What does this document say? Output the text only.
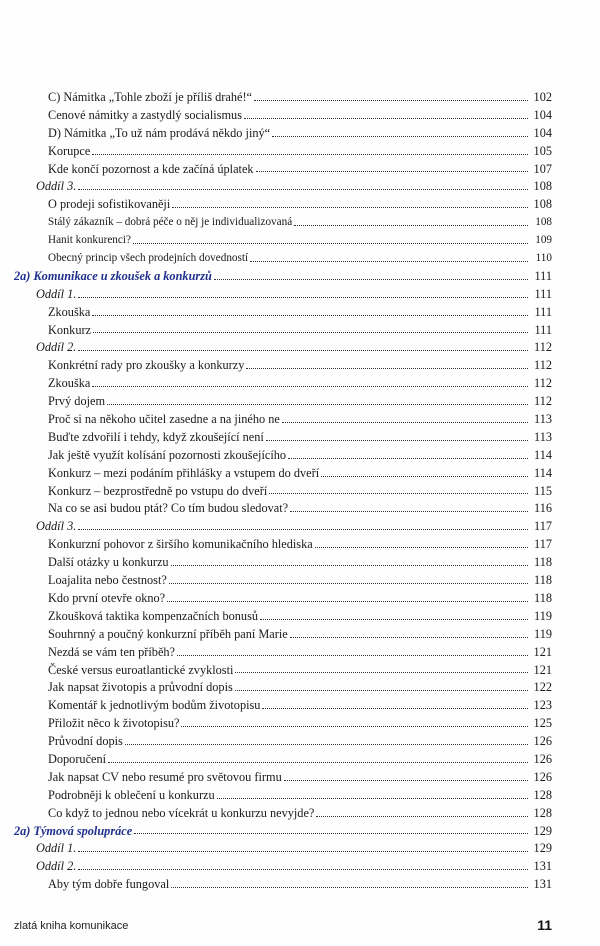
C) Námitka „Tohle zboží je příliš drahé!“	102
Cenové námitky a zastydlý socialismus	104
D) Námitka „To už nám prodává někdo jiný“	104
Korupce	105
Kde končí pozornost a kde začíná úplatek	107
Oddíl 3.	108
O prodeji sofistikovaněji	108
Stálý zákazník – dobrá péče o něj je individualizovaná	108
Hanit konkurenci?	109
Obecný princip všech prodejních dovedností	110
2a) Komunikace u zkoušek a konkurzů	111
Oddíl 1.	111
Zkouška	111
Konkurz	111
Oddíl 2.	112
Konkrétní rady pro zkoušky a konkurzy	112
Zkouška	112
Prvý dojem	112
Proč si na někoho učitel zasedne a na jiného ne	113
Buďte zdvořilí i tehdy, když zkoušející není	113
Jak ještě využít kolísání pozornosti zkoušejícího	114
Konkurz – mezi podáním přihlášky a vstupem do dveří	114
Konkurz – bezprostředně po vstupu do dveří	115
Na co se asi budou ptát? Co tím budou sledovat?	116
Oddíl 3.	117
Konkurzní pohovor z širšího komunikačního hlediska	117
Další otázky u konkurzu	118
Loajalita nebo čestnost?	118
Kdo první otevře okno?	118
Zkoušková taktika kompenzačních bonusů	119
Souhrnný a poučný konkurzní příběh paní Marie	119
Nezdá se vám ten příběh?	121
České versus euroatlantické zvyklosti	121
Jak napsat životopis a průvodní dopis	122
Komentář k jednotlivým bodům životopisu	123
Přiložit něco k životopisu?	125
Průvodní dopis	126
Doporučení	126
Jak napsat CV nebo resumé pro světovou firmu	126
Podrobněji k oblečení u konkurzu	128
Co když to jednou nebo vícekrát u konkurzu nevyjde?	128
2a) Týmová spolupráce	129
Oddíl 1.	129
Oddíl 2.	131
Aby tým dobře fungoval	131
zlatá kniha komunikace	11
